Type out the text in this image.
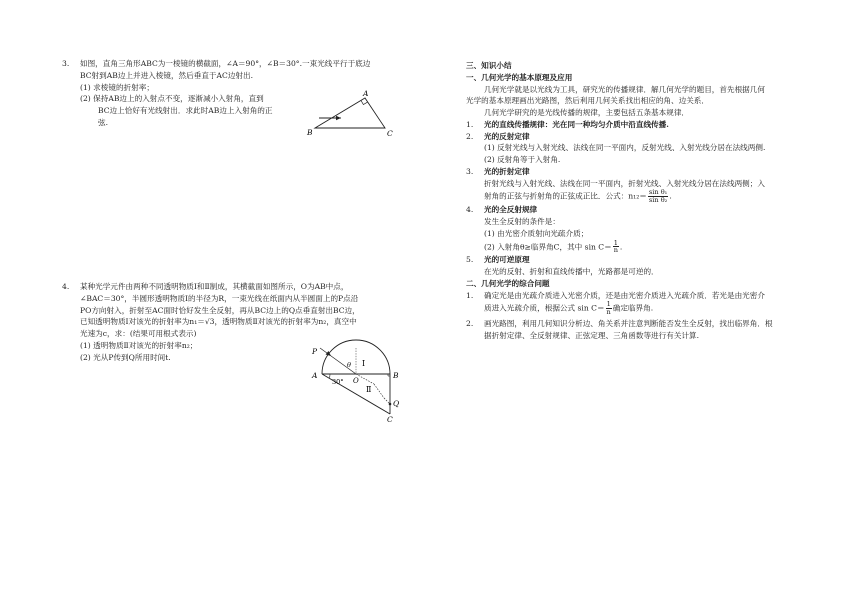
3. 如图，直角三角形ABC为一棱镜的横截面，∠A＝90°，∠B＝30°.一束光线平行于底边

BC射到AB边上并进入棱镜，然后垂直于AC边射出.

(1) 求棱镜的折射率；

(2) 保持AB边上的入射点不变，逐渐减小入射角，直到

BC边上恰好有光线射出．求此时AB边上入射角的正

弦.

A
B	C
4. 某种光学元件由两种不同透明物质Ⅰ和Ⅱ制成，其横截面如图所示，O为AB中点，

∠BAC＝30°，半圆形透明物质Ⅰ的半径为R，一束光线在纸面内从半圆面上的P点沿

PO方向射入，折射至AC面时恰好发生全反射，再从BC边上的Q点垂直射出BC边，

已知透明物质Ⅰ对该光的折射率为n₁＝√3，透明物质Ⅱ对该光的折射率为n₂，真空中

光速为c，求：(结果可用根式表示)

(1) 透明物质Ⅱ对该光的折射率n₂；

(2) 光从P传到Q所用时间t.

P
θ
O
Ⅰ
Ⅱ
30°
A	B
Q
C

三、知识小结

一、几何光学的基本原理及应用

几何光学就是以光线为工具，研究光的传播规律．解几何光学的题目，首先根据几何

光学的基本原理画出光路图，然后利用几何关系找出相应的角、边关系．

几何光学研究的是光线传播的规律，主要包括五条基本规律．

1. 光的直线传播规律：光在同一种均匀介质中沿直线传播.
2. 光的反射定律

(1) 反射光线与入射光线、法线在同一平面内，反射光线、入射光线分居在法线两侧.

(2) 反射角等于入射角.

3. 光的折射定律

折射光线与入射光线、法线在同一平面内，折射光线、入射光线分居在法线两侧；入

射角的正弦与折射角的正弦成正比．公式：$n_{12}= \frac{\text{sin θ₁}}{\text{sin θ₂}}$ .

4. 光的全反射规律

发生全反射的条件是：

(1) 由光密介质射向光疏介质；

(2) 入射角θ≥临界角C，其中 $\sin C= \frac{1}{n}$ .

5. 光的可逆原理

在光的反射、折射和直线传播中，光路都是可逆的．

二、几何光学的综合问题

1. 确定光是由光疏介质进入光密介质，还是由光密介质进入光疏介质．若光是由光密介

质进入光疏介质，根据公式 $\sin C= \frac{1}{n}$ 确定临界角.

2. 画光路图，利用几何知识分析边、角关系并注意判断能否发生全反射，找出临界角．根

据折射定律、全反射规律、正弦定理、三角函数等进行有关计算.
